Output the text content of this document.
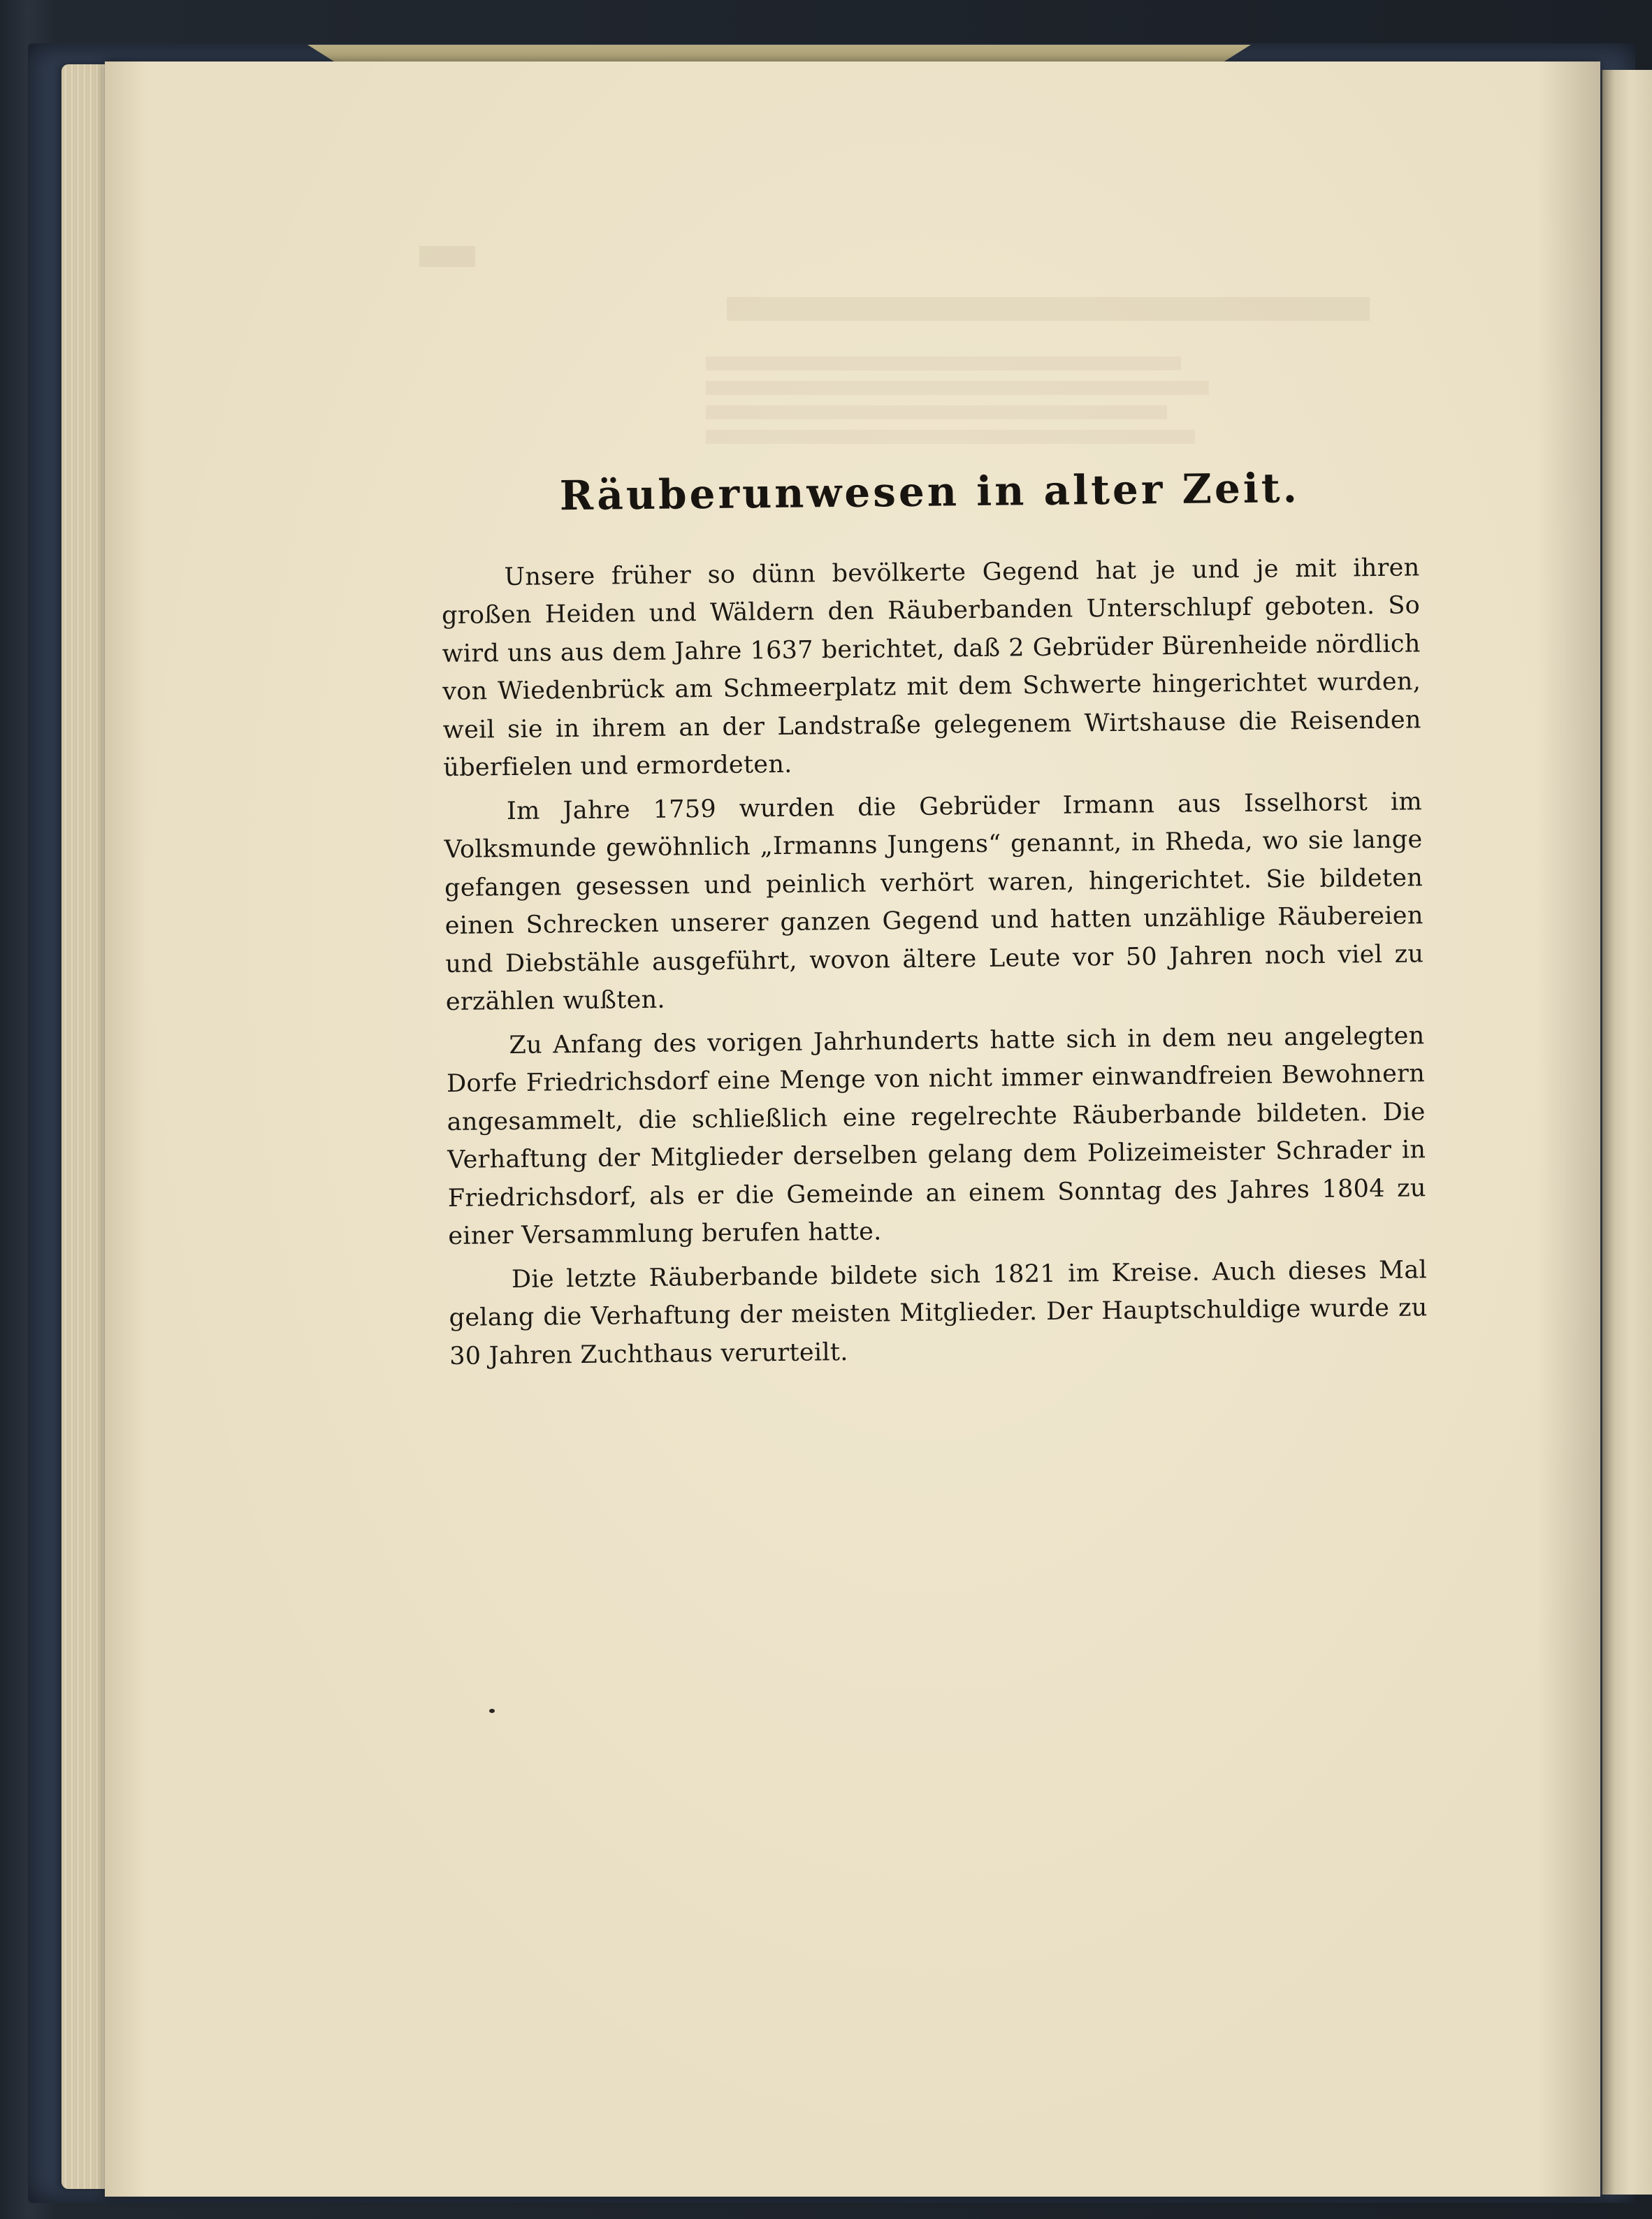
Räuberunwesen in alter Zeit.

Unsere früher so dünn bevölkerte Gegend hat je und je mit ihren großen Heiden und Wäldern den Räuberbanden Unterschlupf geboten. So wird uns aus dem Jahre 1637 berichtet, daß 2 Gebrüder Bürenheide nördlich von Wiedenbrück am Schmeerplatz mit dem Schwerte hingerichtet wurden, weil sie in ihrem an der Landstraße gelegenem Wirtshause die Reisenden überfielen und ermordeten.

Im Jahre 1759 wurden die Gebrüder Irmann aus Isselhorst im Volksmunde gewöhnlich „Irmanns Jungens“ genannt, in Rheda, wo sie lange gefangen gesessen und peinlich verhört waren, hingerichtet. Sie bildeten einen Schrecken unserer ganzen Gegend und hatten unzählige Räubereien und Diebstähle ausgeführt, wovon ältere Leute vor 50 Jahren noch viel zu erzählen wußten.

Zu Anfang des vorigen Jahrhunderts hatte sich in dem neu angelegten Dorfe Friedrichsdorf eine Menge von nicht immer einwandfreien Bewohnern angesammelt, die schließlich eine regelrechte Räuberbande bildeten. Die Verhaftung der Mitglieder derselben gelang dem Polizeimeister Schrader in Friedrichsdorf, als er die Gemeinde an einem Sonntag des Jahres 1804 zu einer Versammlung berufen hatte.

Die letzte Räuberbande bildete sich 1821 im Kreise. Auch dieses Mal gelang die Verhaftung der meisten Mitglieder. Der Hauptschuldige wurde zu 30 Jahren Zuchthaus verurteilt.
